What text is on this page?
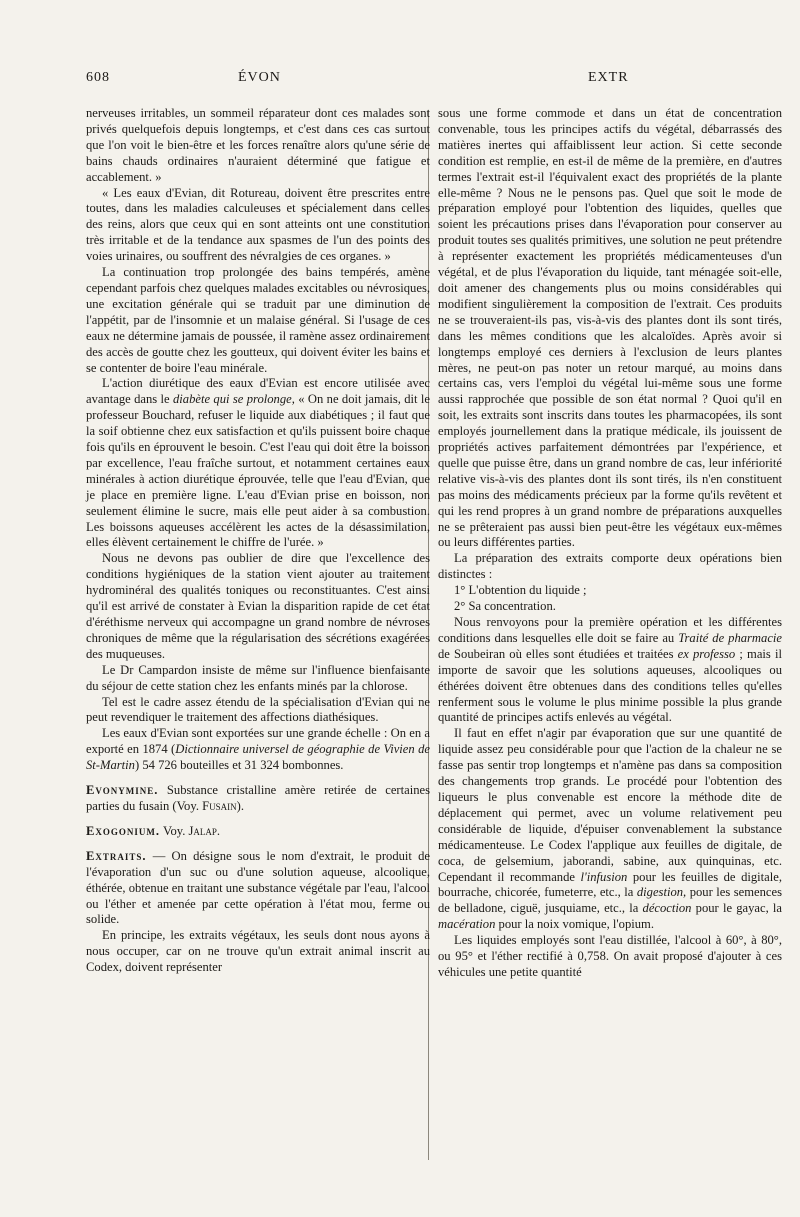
608	ÉVON	EXTR

nerveuses irritables, un sommeil réparateur dont ces malades sont privés quelquefois depuis longtemps, et c'est dans ces cas surtout que l'on voit le bien-être et les forces renaître alors qu'une série de bains chauds ordinaires n'auraient déterminé que fatigue et accablement. »

« Les eaux d'Evian, dit Rotureau, doivent être prescrites entre toutes, dans les maladies calculeuses et spécialement dans celles des reins, alors que ceux qui en sont atteints ont une constitution très irritable et de la tendance aux spasmes de l'un des points des voies urinaires, ou souffrent des névralgies de ces organes. »

La continuation trop prolongée des bains tempérés, amène cependant parfois chez quelques malades excitables ou névrosiques, une excitation générale qui se traduit par une diminution de l'appétit, par de l'insomnie et un malaise général. Si l'usage de ces eaux ne détermine jamais de poussée, il ramène assez ordinairement des accès de goutte chez les goutteux, qui doivent éviter les bains et se contenter de boire l'eau minérale.

L'action diurétique des eaux d'Evian est encore utilisée avec avantage dans le diabète qui se prolonge, « On ne doit jamais, dit le professeur Bouchard, refuser le liquide aux diabétiques ; il faut que la soif obtienne chez eux satisfaction et qu'ils puissent boire chaque fois qu'ils en éprouvent le besoin. C'est l'eau qui doit être la boisson par excellence, l'eau fraîche surtout, et notamment certaines eaux minérales à action diurétique éprouvée, telle que l'eau d'Evian, que je place en première ligne. L'eau d'Evian prise en boisson, non seulement élimine le sucre, mais elle peut aider à sa combustion. Les boissons aqueuses accélèrent les actes de la désassimilation, elles élèvent certainement le chiffre de l'urée. »

Nous ne devons pas oublier de dire que l'excellence des conditions hygiéniques de la station vient ajouter au traitement hydrominéral des qualités toniques ou reconstituantes. C'est ainsi qu'il est arrivé de constater à Evian la disparition rapide de cet état d'éréthisme nerveux qui accompagne un grand nombre de névroses chroniques de même que la régularisation des sécrétions exagérées des muqueuses.

Le Dr Campardon insiste de même sur l'influence bienfaisante du séjour de cette station chez les enfants minés par la chlorose.

Tel est le cadre assez étendu de la spécialisation d'Evian qui ne peut revendiquer le traitement des affections diathésiques.

Les eaux d'Evian sont exportées sur une grande échelle : On en a exporté en 1874 (Dictionnaire universel de géographie de Vivien de St-Martin) 54 726 bouteilles et 31 324 bombonnes.

Evonymine. Substance cristalline amère retirée de certaines parties du fusain (Voy. Fusain).

Exogonium. Voy. Jalap.

Extraits. — On désigne sous le nom d'extrait, le produit de l'évaporation d'un suc ou d'une solution aqueuse, alcoolique, éthérée, obtenue en traitant une substance végétale par l'eau, l'alcool ou l'éther et amenée par cette opération à l'état mou, ferme ou solide.

En principe, les extraits végétaux, les seuls dont nous ayons à nous occuper, car on ne trouve qu'un extrait animal inscrit au Codex, doivent représenter

sous une forme commode et dans un état de concentration convenable, tous les principes actifs du végétal, débarrassés des matières inertes qui affaiblissent leur action. Si cette seconde condition est remplie, en est-il de même de la première, en d'autres termes l'extrait est-il l'équivalent exact des propriétés de la plante elle-même ? Nous ne le pensons pas. Quel que soit le mode de préparation employé pour l'obtention des liquides, quelles que soient les précautions prises dans l'évaporation pour conserver au produit toutes ses qualités primitives, une solution ne peut prétendre à représenter exactement les propriétés médicamenteuses d'un végétal, et de plus l'évaporation du liquide, tant ménagée soit-elle, doit amener des changements plus ou moins considérables qui modifient singulièrement la composition de l'extrait. Ces produits ne se trouveraient-ils pas, vis-à-vis des plantes dont ils sont tirés, dans les mêmes conditions que les alcaloïdes. Après avoir si longtemps employé ces derniers à l'exclusion de leurs plantes mères, ne peut-on pas noter un retour marqué, au moins dans certains cas, vers l'emploi du végétal lui-même sous une forme aussi rapprochée que possible de son état normal ? Quoi qu'il en soit, les extraits sont inscrits dans toutes les pharmacopées, ils sont employés journellement dans la pratique médicale, ils jouissent de propriétés actives parfaitement démontrées par l'expérience, et quelle que puisse être, dans un grand nombre de cas, leur infériorité relative vis-à-vis des plantes dont ils sont tirés, ils n'en constituent pas moins des médicaments précieux par la forme qu'ils revêtent et qui les rend propres à un grand nombre de préparations auxquelles ne se prêteraient pas aussi bien peut-être les végétaux eux-mêmes ou leurs différentes parties.

La préparation des extraits comporte deux opérations bien distinctes :

1° L'obtention du liquide ;

2° Sa concentration.

Nous renvoyons pour la première opération et les différentes conditions dans lesquelles elle doit se faire au Traité de pharmacie de Soubeiran où elles sont étudiées et traitées ex professo ; mais il importe de savoir que les solutions aqueuses, alcooliques ou éthérées doivent être obtenues dans des conditions telles qu'elles renferment sous le volume le plus minime possible la plus grande quantité de principes actifs enlevés au végétal.

Il faut en effet n'agir par évaporation que sur une quantité de liquide assez peu considérable pour que l'action de la chaleur ne se fasse pas sentir trop longtemps et n'amène pas dans sa composition des changements trop grands. Le procédé pour l'obtention des liqueurs le plus convenable est encore la méthode dite de déplacement qui permet, avec un volume relativement peu considérable de liquide, d'épuiser convenablement la substance médicamenteuse. Le Codex l'applique aux feuilles de digitale, de coca, de gelsemium, jaborandi, sabine, aux quinquinas, etc. Cependant il recommande l'infusion pour les feuilles de digitale, bourrache, chicorée, fumeterre, etc., la digestion, pour les semences de belladone, ciguë, jusquiame, etc., la décoction pour le gayac, la macération pour la noix vomique, l'opium.

Les liquides employés sont l'eau distillée, l'alcool à 60°, à 80°, ou 95° et l'éther rectifié à 0,758. On avait proposé d'ajouter à ces véhicules une petite quantité
